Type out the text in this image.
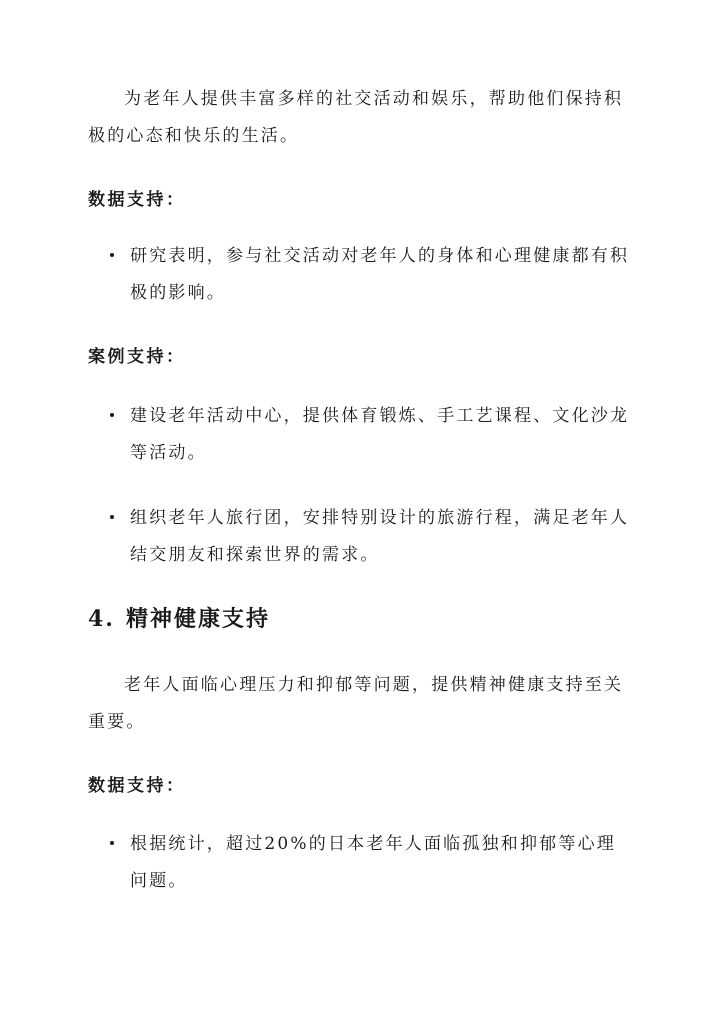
为老年人提供丰富多样的社交活动和娱乐，帮助他们保持积极的心态和快乐的生活。

数据支持：

研究表明，参与社交活动对老年人的身体和心理健康都有积极的影响。

案例支持：

建设老年活动中心，提供体育锻炼、手工艺课程、文化沙龙等活动。
组织老年人旅行团，安排特别设计的旅游行程，满足老年人结交朋友和探索世界的需求。
4. 精神健康支持

老年人面临心理压力和抑郁等问题，提供精神健康支持至关重要。

数据支持：

根据统计，超过20%的日本老年人面临孤独和抑郁等心理问题。
